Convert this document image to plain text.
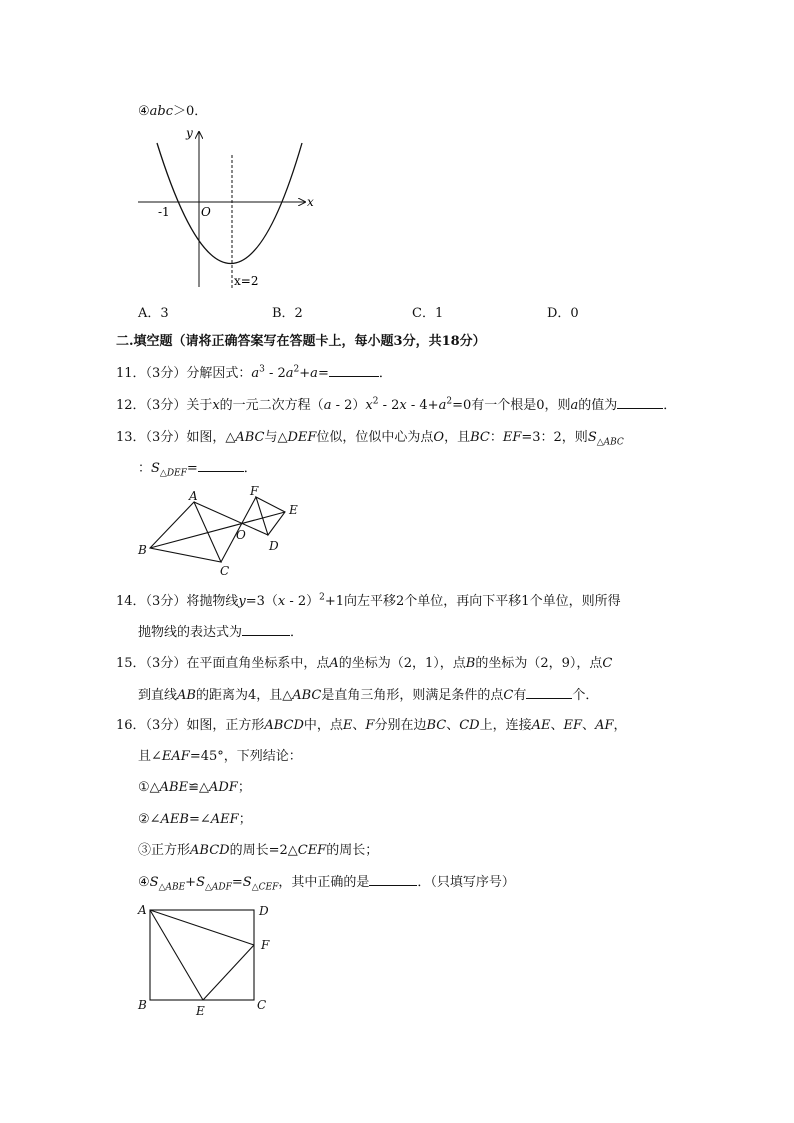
④abc＞0．
y
x
O
-1
x=2
A．3	B．2	C．1	D．0
二.填空题（请将正确答案写在答题卡上，每小题3分，共18分）
11．（3分）分解因式：$a^3 - 2a^2+a=$	．
12．（3分）关于x的一元二次方程$(a - 2)x^2 - 2x - 4+a^2=0$有一个根是0，则a的值为	．
13．（3分）如图，△ABC与△DEF位似，位似中心为点O，且BC：EF=3：2，则$S_{\triangle ABC}$
：$S_{\triangle DEF}=$	．
A
B
C
O
F
E
D
14．（3分）将抛物线y=3（x - 2）$^2$+1向左平移2个单位，再向下平移1个单位，则所得
抛物线的表达式为	．
15．（3分）在平面直角坐标系中，点A的坐标为（2，1），点B的坐标为（2，9），点C
到直线AB的距离为4，且△ABC是直角三角形，则满足条件的点C有	个．
16．（3分）如图，正方形ABCD中，点E、F分别在边BC、CD上，连接AE、EF、AF，
且∠EAF=45°，下列结论：
①△ABE≌△ADF；
②∠AEB=∠AEF；
③正方形ABCD的周长=2△CEF的周长；
$④S_{\triangle ABE}+S_{\triangle ADF}=S_{\triangle CEF}$，其中正确的是	．（只填写序号）
A	D
F
B	E	C
